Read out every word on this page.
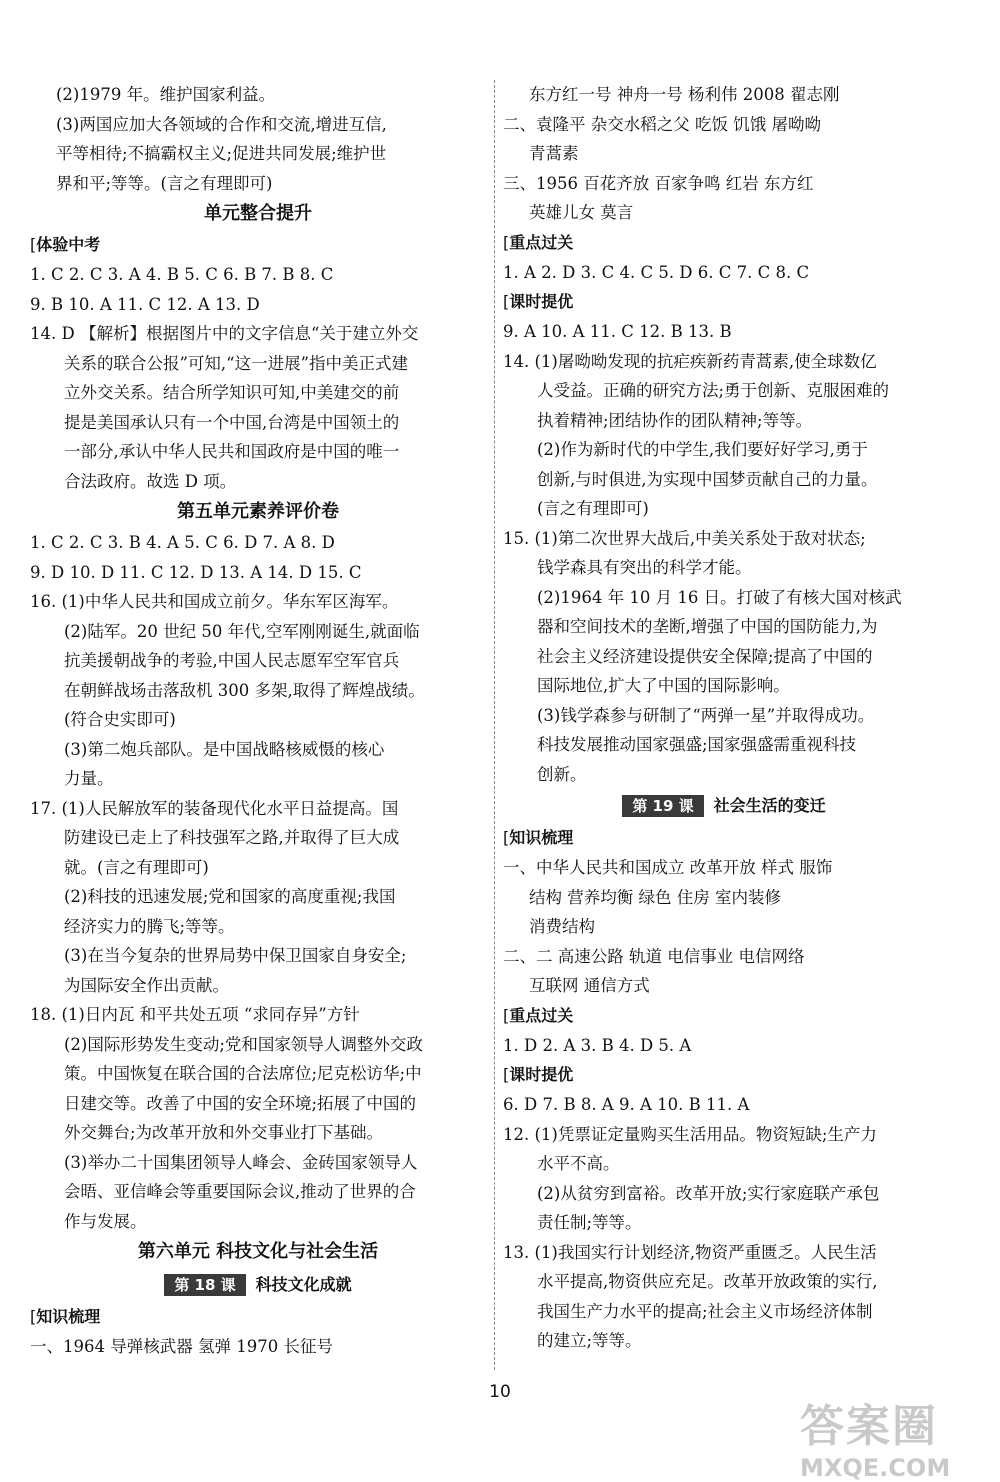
(2)1979 年。维护国家利益。
(3)两国应加大各领域的合作和交流,增进互信,
平等相待;不搞霸权主义;促进共同发展;维护世
界和平;等等。(言之有理即可)
单元整合提升
[体验中考
1. C 2. C 3. A 4. B 5. C 6. B 7. B 8. C
9. B 10. A 11. C 12. A 13. D
14. D 【解析】根据图片中的文字信息“关于建立外交
关系的联合公报”可知,“这一进展”指中美正式建
立外交关系。结合所学知识可知,中美建交的前
提是美国承认只有一个中国,台湾是中国领土的
一部分,承认中华人民共和国政府是中国的唯一
合法政府。故选 D 项。
第五单元素养评价卷
1. C 2. C 3. B 4. A 5. C 6. D 7. A 8. D
9. D 10. D 11. C 12. D 13. A 14. D 15. C
16. (1)中华人民共和国成立前夕。华东军区海军。
(2)陆军。20 世纪 50 年代,空军刚刚诞生,就面临
抗美援朝战争的考验,中国人民志愿军空军官兵
在朝鲜战场击落敌机 300 多架,取得了辉煌战绩。
(符合史实即可)
(3)第二炮兵部队。是中国战略核威慑的核心
力量。
17. (1)人民解放军的装备现代化水平日益提高。国
防建设已走上了科技强军之路,并取得了巨大成
就。(言之有理即可)
(2)科技的迅速发展;党和国家的高度重视;我国
经济实力的腾飞;等等。
(3)在当今复杂的世界局势中保卫国家自身安全;
为国际安全作出贡献。
18. (1)日内瓦 和平共处五项 “求同存异”方针
(2)国际形势发生变动;党和国家领导人调整外交政
策。中国恢复在联合国的合法席位;尼克松访华;中
日建交等。改善了中国的安全环境;拓展了中国的
外交舞台;为改革开放和外交事业打下基础。
(3)举办二十国集团领导人峰会、金砖国家领导人
会晤、亚信峰会等重要国际会议,推动了世界的合
作与发展。
第六单元 科技文化与社会生活
第 18 课 科技文化成就
[知识梳理
一、1964 导弹核武器 氢弹 1970 长征号
东方红一号 神舟一号 杨利伟 2008 翟志刚
二、袁隆平 杂交水稻之父 吃饭 饥饿 屠呦呦
青蒿素
三、1956 百花齐放 百家争鸣 红岩 东方红
英雄儿女 莫言
[重点过关
1. A 2. D 3. C 4. C 5. D 6. C 7. C 8. C
[课时提优
9. A 10. A 11. C 12. B 13. B
14. (1)屠呦呦发现的抗疟疾新药青蒿素,使全球数亿
人受益。正确的研究方法;勇于创新、克服困难的
执着精神;团结协作的团队精神;等等。
(2)作为新时代的中学生,我们要好好学习,勇于
创新,与时俱进,为实现中国梦贡献自己的力量。
(言之有理即可)
15. (1)第二次世界大战后,中美关系处于敌对状态;
钱学森具有突出的科学才能。
(2)1964 年 10 月 16 日。打破了有核大国对核武
器和空间技术的垄断,增强了中国的国防能力,为
社会主义经济建设提供安全保障;提高了中国的
国际地位,扩大了中国的国际影响。
(3)钱学森参与研制了“两弹一星”并取得成功。
科技发展推动国家强盛;国家强盛需重视科技
创新。
第 19 课 社会生活的变迁
[知识梳理
一、中华人民共和国成立 改革开放 样式 服饰
结构 营养均衡 绿色 住房 室内装修
消费结构
二、二 高速公路 轨道 电信事业 电信网络
互联网 通信方式
[重点过关
1. D 2. A 3. B 4. D 5. A
[课时提优
6. D 7. B 8. A 9. A 10. B 11. A
12. (1)凭票证定量购买生活用品。物资短缺;生产力
水平不高。
(2)从贫穷到富裕。改革开放;实行家庭联产承包
责任制;等等。
13. (1)我国实行计划经济,物资严重匮乏。人民生活
水平提高,物资供应充足。改革开放政策的实行,
我国生产力水平的提高;社会主义市场经济体制
的建立;等等。
10
答案圈
MXQE.COM
